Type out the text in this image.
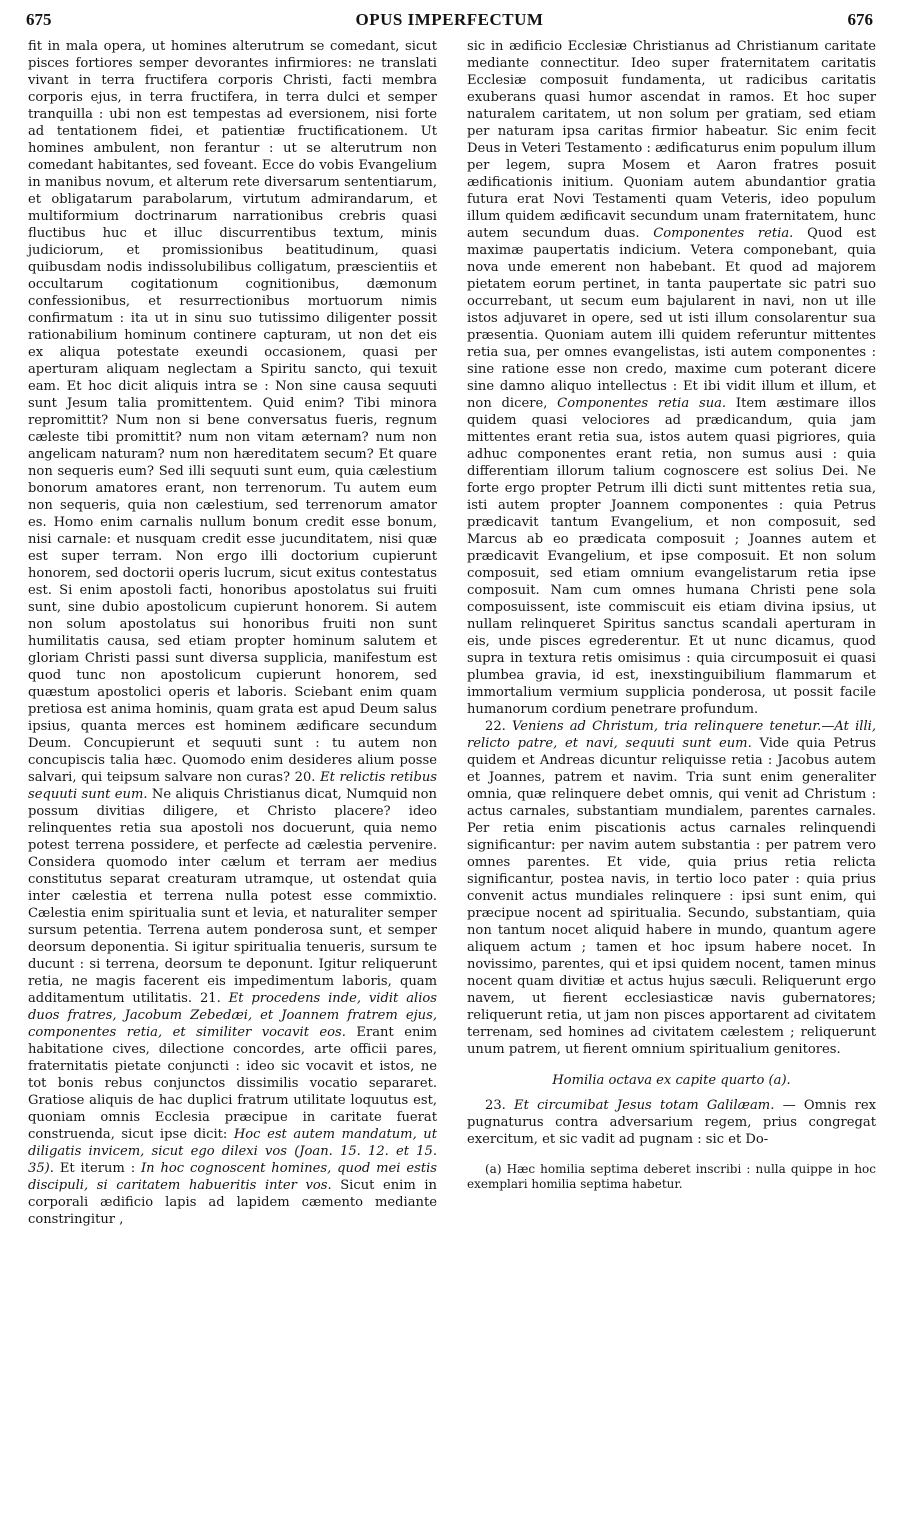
675	OPUS IMPERFECTUM	676

fit in mala opera, ut homines alterutrum se comedant, sicut pisces fortiores semper devorantes infirmiores: ne translati vivant in terra fructifera corporis Christi, facti membra corporis ejus, in terra fructifera, in terra dulci et semper tranquilla : ubi non est tempestas ad eversionem, nisi forte ad tentationem fidei, et patientiæ fructificationem. Ut homines ambulent, non ferantur : ut se alterutrum non comedant habitantes, sed foveant. Ecce do vobis Evangelium in manibus novum, et alterum rete diversarum sententiarum, et obligatarum parabolarum, virtutum admirandarum, et multiformium doctrinarum narrationibus crebris quasi fluctibus huc et illuc discurrentibus textum, minis judiciorum, et promissionibus beatitudinum, quasi quibusdam nodis indissolubilibus colligatum, præscientiis et occultarum cogitationum cognitionibus, dæmonum confessionibus, et resurrectionibus mortuorum nimis confirmatum : ita ut in sinu suo tutissimo diligenter possit rationabilium hominum continere capturam, ut non det eis ex aliqua potestate exeundi occasionem, quasi per aperturam aliquam neglectam a Spiritu sancto, qui texuit eam. Et hoc dicit aliquis intra se : Non sine causa sequuti sunt Jesum talia promittentem. Quid enim? Tibi minora repromittit? Num non si bene conversatus fueris, regnum cæleste tibi promittit? num non vitam æternam? num non angelicam naturam? num non hæreditatem secum? Et quare non sequeris eum? Sed illi sequuti sunt eum, quia cælestium bonorum amatores erant, non terrenorum. Tu autem eum non sequeris, quia non cælestium, sed terrenorum amator es. Homo enim carnalis nullum bonum credit esse bonum, nisi carnale: et nusquam credit esse jucunditatem, nisi quæ est super terram. Non ergo illi doctorium cupierunt honorem, sed doctorii operis lucrum, sicut exitus contestatus est. Si enim apostoli facti, honoribus apostolatus sui fruiti sunt, sine dubio apostolicum cupierunt honorem. Si autem non solum apostolatus sui honoribus fruiti non sunt humilitatis causa, sed etiam propter hominum salutem et gloriam Christi passi sunt diversa supplicia, manifestum est quod tunc non apostolicum cupierunt honorem, sed quæstum apostolici operis et laboris. Sciebant enim quam pretiosa est anima hominis, quam grata est apud Deum salus ipsius, quanta merces est hominem ædificare secundum Deum. Concupierunt et sequuti sunt : tu autem non concupiscis talia hæc. Quomodo enim desideres alium posse salvari, qui teipsum salvare non curas? 20. Et relictis retibus sequuti sunt eum. Ne aliquis Christianus dicat, Numquid non possum divitias diligere, et Christo placere? ideo relinquentes retia sua apostoli nos docuerunt, quia nemo potest terrena possidere, et perfecte ad cælestia pervenire. Considera quomodo inter cælum et terram aer medius constitutus separat creaturam utramque, ut ostendat quia inter cælestia et terrena nulla potest esse commixtio. Cælestia enim spiritualia sunt et levia, et naturaliter semper sursum petentia. Terrena autem ponderosa sunt, et semper deorsum deponentia. Si igitur spiritualia tenueris, sursum te ducunt : si terrena, deorsum te deponunt. Igitur reliquerunt retia, ne magis facerent eis impedimentum laboris, quam additamentum utilitatis. 21. Et procedens inde, vidit alios duos fratres, Jacobum Zebedæi, et Joannem fratrem ejus, componentes retia, et similiter vocavit eos. Erant enim habitatione cives, dilectione concordes, arte officii pares, fraternitatis pietate conjuncti : ideo sic vocavit et istos, ne tot bonis rebus conjunctos dissimilis vocatio separaret. Gratiose aliquis de hac duplici fratrum utilitate loquutus est, quoniam omnis Ecclesia præcipue in caritate fuerat construenda, sicut ipse dicit: Hoc est autem mandatum, ut diligatis invicem, sicut ego dilexi vos (Joan. 15. 12. et 15. 35). Et iterum : In hoc cognoscent homines, quod mei estis discipuli, si caritatem habueritis inter vos. Sicut enim in corporali ædificio lapis ad lapidem cæmento mediante constringitur ,

sic in ædificio Ecclesiæ Christianus ad Christianum caritate mediante connectitur. Ideo super fraternitatem caritatis Ecclesiæ composuit fundamenta, ut radicibus caritatis exuberans quasi humor ascendat in ramos. Et hoc super naturalem caritatem, ut non solum per gratiam, sed etiam per naturam ipsa caritas firmior habeatur. Sic enim fecit Deus in Veteri Testamento : ædificaturus enim populum illum per legem, supra Mosem et Aaron fratres posuit ædificationis initium. Quoniam autem abundantior gratia futura erat Novi Testamenti quam Veteris, ideo populum illum quidem ædificavit secundum unam fraternitatem, hunc autem secundum duas. Componentes retia. Quod est maximæ paupertatis indicium. Vetera componebant, quia nova unde emerent non habebant. Et quod ad majorem pietatem eorum pertinet, in tanta paupertate sic patri suo occurrebant, ut secum eum bajularent in navi, non ut ille istos adjuvaret in opere, sed ut isti illum consolarentur sua præsentia. Quoniam autem illi quidem referuntur mittentes retia sua, per omnes evangelistas, isti autem componentes : sine ratione esse non credo, maxime cum poterant dicere sine damno aliquo intellectus : Et ibi vidit illum et illum, et non dicere, Componentes retia sua. Item æstimare illos quidem quasi velociores ad prædicandum, quia jam mittentes erant retia sua, istos autem quasi pigriores, quia adhuc componentes erant retia, non sumus ausi : quia differentiam illorum talium cognoscere est solius Dei. Ne forte ergo propter Petrum illi dicti sunt mittentes retia sua, isti autem propter Joannem componentes : quia Petrus prædicavit tantum Evangelium, et non composuit, sed Marcus ab eo prædicata composuit ; Joannes autem et prædicavit Evangelium, et ipse composuit. Et non solum composuit, sed etiam omnium evangelistarum retia ipse composuit. Nam cum omnes humana Christi pene sola composuissent, iste commiscuit eis etiam divina ipsius, ut nullam relinqueret Spiritus sanctus scandali aperturam in eis, unde pisces egrederentur. Et ut nunc dicamus, quod supra in textura retis omisimus : quia circumposuit ei quasi plumbea gravia, id est, inexstinguibilium flammarum et immortalium vermium supplicia ponderosa, ut possit facile humanorum cordium penetrare profundum.

22. Veniens ad Christum, tria relinquere tenetur.—At illi, relicto patre, et navi, sequuti sunt eum. Vide quia Petrus quidem et Andreas dicuntur reliquisse retia : Jacobus autem et Joannes, patrem et navim. Tria sunt enim generaliter omnia, quæ relinquere debet omnis, qui venit ad Christum : actus carnales, substantiam mundialem, parentes carnales. Per retia enim piscationis actus carnales relinquendi significantur: per navim autem substantia : per patrem vero omnes parentes. Et vide, quia prius retia relicta significantur, postea navis, in tertio loco pater : quia prius convenit actus mundiales relinquere : ipsi sunt enim, qui præcipue nocent ad spiritualia. Secundo, substantiam, quia non tantum nocet aliquid habere in mundo, quantum agere aliquem actum ; tamen et hoc ipsum habere nocet. In novissimo, parentes, qui et ipsi quidem nocent, tamen minus nocent quam divitiæ et actus hujus sæculi. Reliquerunt ergo navem, ut fierent ecclesiasticæ navis gubernatores; reliquerunt retia, ut jam non pisces apportarent ad civitatem terrenam, sed homines ad civitatem cælestem ; reliquerunt unum patrem, ut fierent omnium spiritualium genitores.

Homilia octava ex capite quarto (a).

23. Et circumibat Jesus totam Galilæam. — Omnis rex pugnaturus contra adversarium regem, prius congregat exercitum, et sic vadit ad pugnam : sic et Do-

(a) Hæc homilia septima deberet inscribi : nulla quippe in hoc exemplari homilia septima habetur.
